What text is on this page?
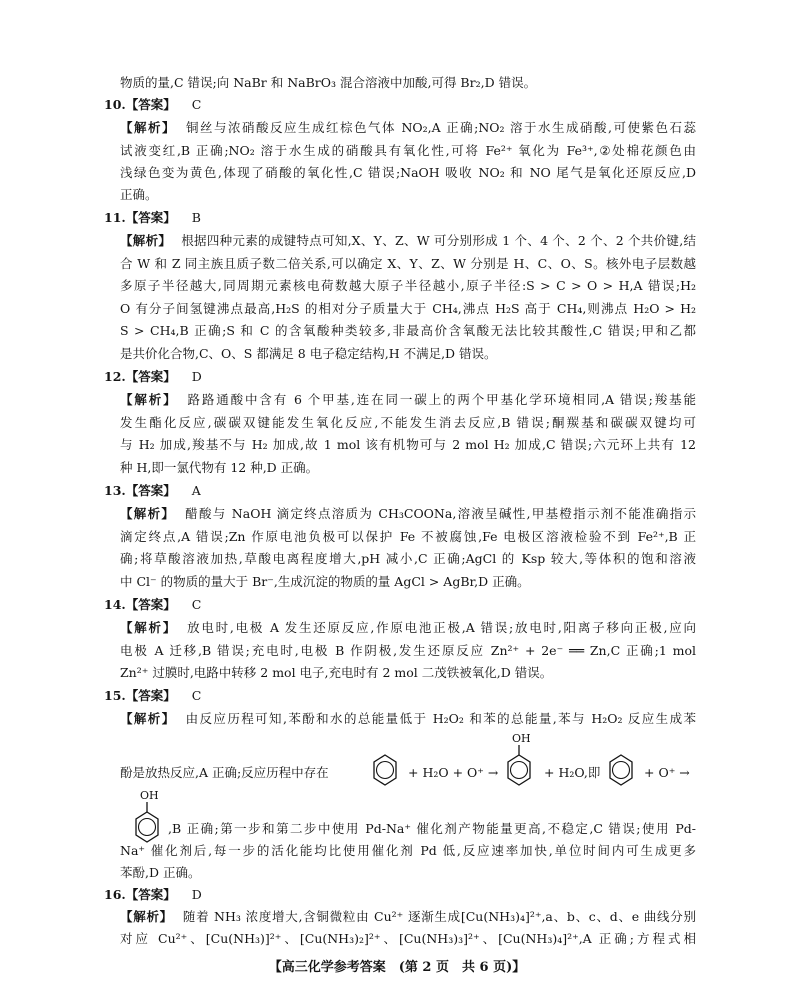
物质的量,C 错误;向 NaBr 和 NaBrO₃ 混合溶液中加酸,可得 Br₂,D 错误。
10.【答案】 C
【解析】 铜丝与浓硝酸反应生成红棕色气体 NO₂,A 正确;NO₂ 溶于水生成硝酸,可使紫色石蕊
试液变红,B 正确;NO₂ 溶于水生成的硝酸具有氧化性,可将 Fe²⁺ 氧化为 Fe³⁺,②处棉花颜色由
浅绿色变为黄色,体现了硝酸的氧化性,C 错误;NaOH 吸收 NO₂ 和 NO 尾气是氧化还原反应,D
正确。
11.【答案】 B
【解析】 根据四种元素的成键特点可知,X、Y、Z、W 可分别形成 1 个、4 个、2 个、2 个共价键,结
合 W 和 Z 同主族且质子数二倍关系,可以确定 X、Y、Z、W 分别是 H、C、O、S。核外电子层数越
多原子半径越大,同周期元素核电荷数越大原子半径越小,原子半径:S > C > O > H,A 错误;H₂
O 有分子间氢键沸点最高,H₂S 的相对分子质量大于 CH₄,沸点 H₂S 高于 CH₄,则沸点 H₂O > H₂
S > CH₄,B 正确;S 和 C 的含氧酸种类较多,非最高价含氧酸无法比较其酸性,C 错误;甲和乙都
是共价化合物,C、O、S 都满足 8 电子稳定结构,H 不满足,D 错误。
12.【答案】 D
【解析】 路路通酸中含有 6 个甲基,连在同一碳上的两个甲基化学环境相同,A 错误;羧基能
发生酯化反应,碳碳双键能发生氧化反应,不能发生消去反应,B 错误;酮羰基和碳碳双键均可
与 H₂ 加成,羧基不与 H₂ 加成,故 1 mol 该有机物可与 2 mol H₂ 加成,C 错误;六元环上共有 12
种 H,即一氯代物有 12 种,D 正确。
13.【答案】 A
【解析】 醋酸与 NaOH 滴定终点溶质为 CH₃COONa,溶液呈碱性,甲基橙指示剂不能准确指示
滴定终点,A 错误;Zn 作原电池负极可以保护 Fe 不被腐蚀,Fe 电极区溶液检验不到 Fe²⁺,B 正
确;将草酸溶液加热,草酸电离程度增大,pH 减小,C 正确;AgCl 的 Ksp 较大,等体积的饱和溶液
中 Cl⁻ 的物质的量大于 Br⁻,生成沉淀的物质的量 AgCl > AgBr,D 正确。
14.【答案】 C
【解析】 放电时,电极 A 发生还原反应,作原电池正极,A 错误;放电时,阳离子移向正极,应向
电极 A 迁移,B 错误;充电时,电极 B 作阴极,发生还原反应 Zn²⁺ + 2e⁻ ══ Zn,C 正确;1 mol
Zn²⁺ 过膜时,电路中转移 2 mol 电子,充电时有 2 mol 二茂铁被氧化,D 错误。
15.【答案】 C
【解析】 由反应历程可知,苯酚和水的总能量低于 H₂O₂ 和苯的总能量,苯与 H₂O₂ 反应生成苯
酚是放热反应,A 正确;反应历程中存在	+ H₂O + O⁺ →
OH
+ H₂O,即	+ O⁺ →
OH
,B 正确;第一步和第二步中使用 Pd-Na⁺ 催化剂产物能量更高,不稳定,C 错误;使用 Pd-
Na⁺ 催化剂后,每一步的活化能均比使用催化剂 Pd 低,反应速率加快,单位时间内可生成更多
苯酚,D 正确。
16.【答案】 D
【解析】 随着 NH₃ 浓度增大,含铜微粒由 Cu²⁺ 逐渐生成[Cu(NH₃)₄]²⁺,a、b、c、d、e 曲线分别
对应 Cu²⁺、[Cu(NH₃)]²⁺、[Cu(NH₃)₂]²⁺、[Cu(NH₃)₃]²⁺、[Cu(NH₃)₄]²⁺,A 正确;方程式相
【高三化学参考答案　(第 2 页　共 6 页)】
